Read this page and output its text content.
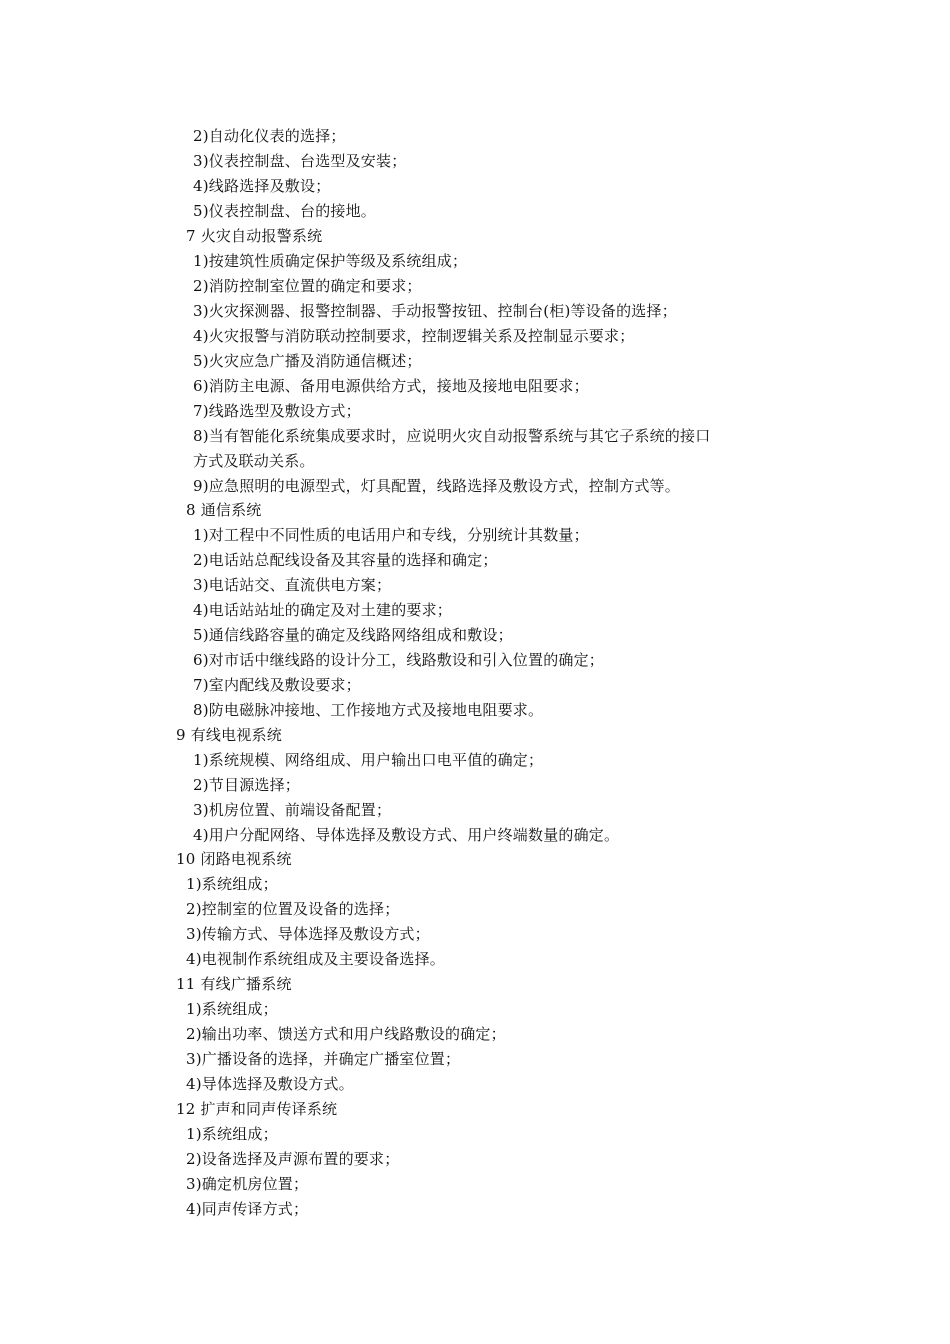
2)自动化仪表的选择；
3)仪表控制盘、台选型及安装；
4)线路选择及敷设；
5)仪表控制盘、台的接地。
7 火灾自动报警系统
1)按建筑性质确定保护等级及系统组成；
2)消防控制室位置的确定和要求；
3)火灾探测器、报警控制器、手动报警按钮、控制台(柜)等设备的选择；
4)火灾报警与消防联动控制要求，控制逻辑关系及控制显示要求；
5)火灾应急广播及消防通信概述；
6)消防主电源、备用电源供给方式，接地及接地电阻要求；
7)线路选型及敷设方式；
8)当有智能化系统集成要求时，应说明火灾自动报警系统与其它子系统的接口
方式及联动关系。
9)应急照明的电源型式，灯具配置，线路选择及敷设方式，控制方式等。
8 通信系统
1)对工程中不同性质的电话用户和专线，分别统计其数量；
2)电话站总配线设备及其容量的选择和确定；
3)电话站交、直流供电方案；
4)电话站站址的确定及对土建的要求；
5)通信线路容量的确定及线路网络组成和敷设；
6)对市话中继线路的设计分工，线路敷设和引入位置的确定；
7)室内配线及敷设要求；
8)防电磁脉冲接地、工作接地方式及接地电阻要求。
9 有线电视系统
1)系统规模、网络组成、用户输出口电平值的确定；
2)节目源选择；
3)机房位置、前端设备配置；
4)用户分配网络、导体选择及敷设方式、用户终端数量的确定。
10 闭路电视系统
1)系统组成；
2)控制室的位置及设备的选择；
3)传输方式、导体选择及敷设方式；
4)电视制作系统组成及主要设备选择。
11 有线广播系统
1)系统组成；
2)输出功率、馈送方式和用户线路敷设的确定；
3)广播设备的选择，并确定广播室位置；
4)导体选择及敷设方式。
12 扩声和同声传译系统
1)系统组成；
2)设备选择及声源布置的要求；
3)确定机房位置；
4)同声传译方式；
